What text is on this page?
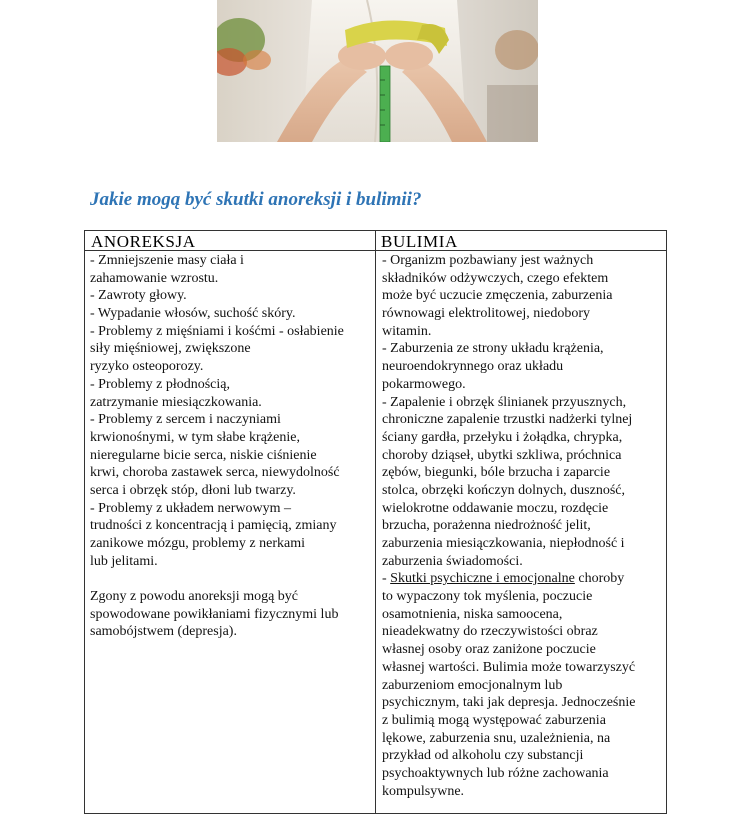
Jakie mogą być skutki anoreksji i bulimii?
ANOREKSJA	BULIMIA
- Zmniejszenie masy ciała i
zahamowanie wzrostu.
- Zawroty głowy.
- Wypadanie włosów, suchość skóry.
- Problemy z mięśniami i kośćmi - osłabienie
siły mięśniowej, zwiększone
ryzyko osteoporozy.
- Problemy z płodnością,
zatrzymanie miesiączkowania.
- Problemy z sercem i naczyniami
krwionośnymi, w tym słabe krążenie,
nieregularne bicie serca, niskie ciśnienie
krwi, choroba zastawek serca, niewydolność
serca i obrzęk stóp, dłoni lub twarzy.
- Problemy z układem nerwowym –
trudności z koncentracją i pamięcią, zmiany
zanikowe mózgu, problemy z nerkami
lub jelitami.
Zgony z powodu anoreksji mogą być
spowodowane powikłaniami fizycznymi lub
samobójstwem (depresja).
- Organizm pozbawiany jest ważnych
składników odżywczych, czego efektem
może być uczucie zmęczenia, zaburzenia
równowagi elektrolitowej, niedobory
witamin.
- Zaburzenia ze strony układu krążenia,
neuroendokrynnego oraz układu
pokarmowego.
- Zapalenie i obrzęk ślinianek przyusznych,
chroniczne zapalenie trzustki nadżerki tylnej
ściany gardła, przełyku i żołądka, chrypka,
choroby dziąseł, ubytki szkliwa, próchnica
zębów, biegunki, bóle brzucha i zaparcie
stolca, obrzęki kończyn dolnych, duszność,
wielokrotne oddawanie moczu, rozdęcie
brzucha, porażenna niedrożność jelit,
zaburzenia miesiączkowania, niepłodność i
zaburzenia świadomości.
- Skutki psychiczne i emocjonalne choroby
to wypaczony tok myślenia, poczucie
osamotnienia, niska samoocena,
nieadekwatny do rzeczywistości obraz
własnej osoby oraz zaniżone poczucie
własnej wartości. Bulimia może towarzyszyć
zaburzeniom emocjonalnym lub
psychicznym, taki jak depresja. Jednocześnie
z bulimią mogą występować zaburzenia
lękowe, zaburzenia snu, uzależnienia, na
przykład od alkoholu czy substancji
psychoaktywnych lub różne zachowania
kompulsywne.
